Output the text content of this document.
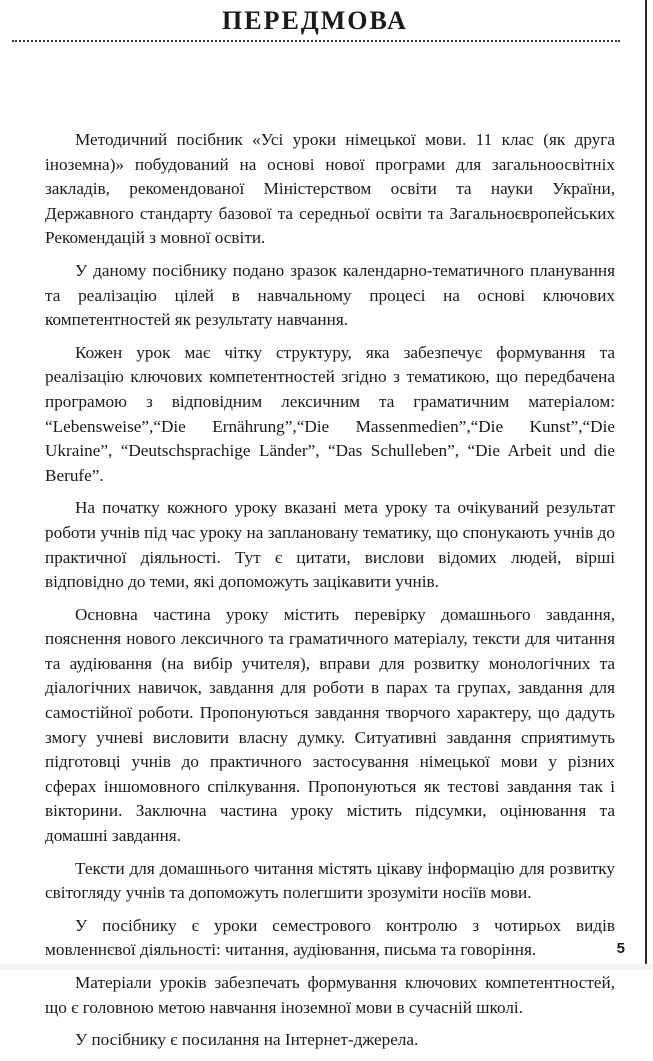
ПЕРЕДМОВА

Методичний посібник «Усі уроки німецької мови. 11 клас (як друга іноземна)» побудований на основі нової програми для загальноосвітніх закладів, рекомендованої Міністерством освіти та науки України, Державного стандарту базової та середньої освіти та Загальноєвропейських Рекомендацій з мовної освіти.

У даному посібнику подано зразок календарно-тематичного планування та реалізацію цілей в навчальному процесі на основі ключових компетентностей як результату навчання.

Кожен урок має чітку структуру, яка забезпечує формування та реалізацію ключових компетентностей згідно з тематикою, що передбачена програмою з відповідним лексичним та граматичним матеріалом: “Lebensweise”,“Die Ernährung”,“Die Massenmedien”,“Die Kunst”,“Die Ukraine”, “Deutschsprachige Länder”, “Das Schulleben”, “Die Arbeit und die Berufe”.

На початку кожного уроку вказані мета уроку та очікуваний результат роботи учнів під час уроку на заплановану тематику, що спонукають учнів до практичної діяльності. Тут є цитати, вислови відомих людей, вірші відповідно до теми, які допоможуть зацікавити учнів.

Основна частина уроку містить перевірку домашнього завдання, пояснення нового лексичного та граматичного матеріалу, тексти для читання та аудіювання (на вибір учителя), вправи для розвитку монологічних та діалогічних навичок, завдання для роботи в парах та групах, завдання для самостійної роботи. Пропонуються завдання творчого характеру, що дадуть змогу учневі висловити власну думку. Ситуативні завдання сприятимуть підготовці учнів до практичного застосування німецької мови у різних сферах іншомовного спілкування. Пропонуються як тестові завдання так і вікторини. Заключна частина уроку містить підсумки, оцінювання та домашні завдання.

Тексти для домашнього читання містять цікаву інформацію для розвитку світогляду учнів та допоможуть полегшити зрозуміти носіїв мови.

У посібнику є уроки семестрового контролю з чотирьох видів мовленнєвої діяльності: читання, аудіювання, письма та говоріння.

Матеріали уроків забезпечать формування ключових компетентностей, що є головною метою навчання іноземної мови в сучасній школі.

У посібнику є посилання на Інтернет-джерела.

5
